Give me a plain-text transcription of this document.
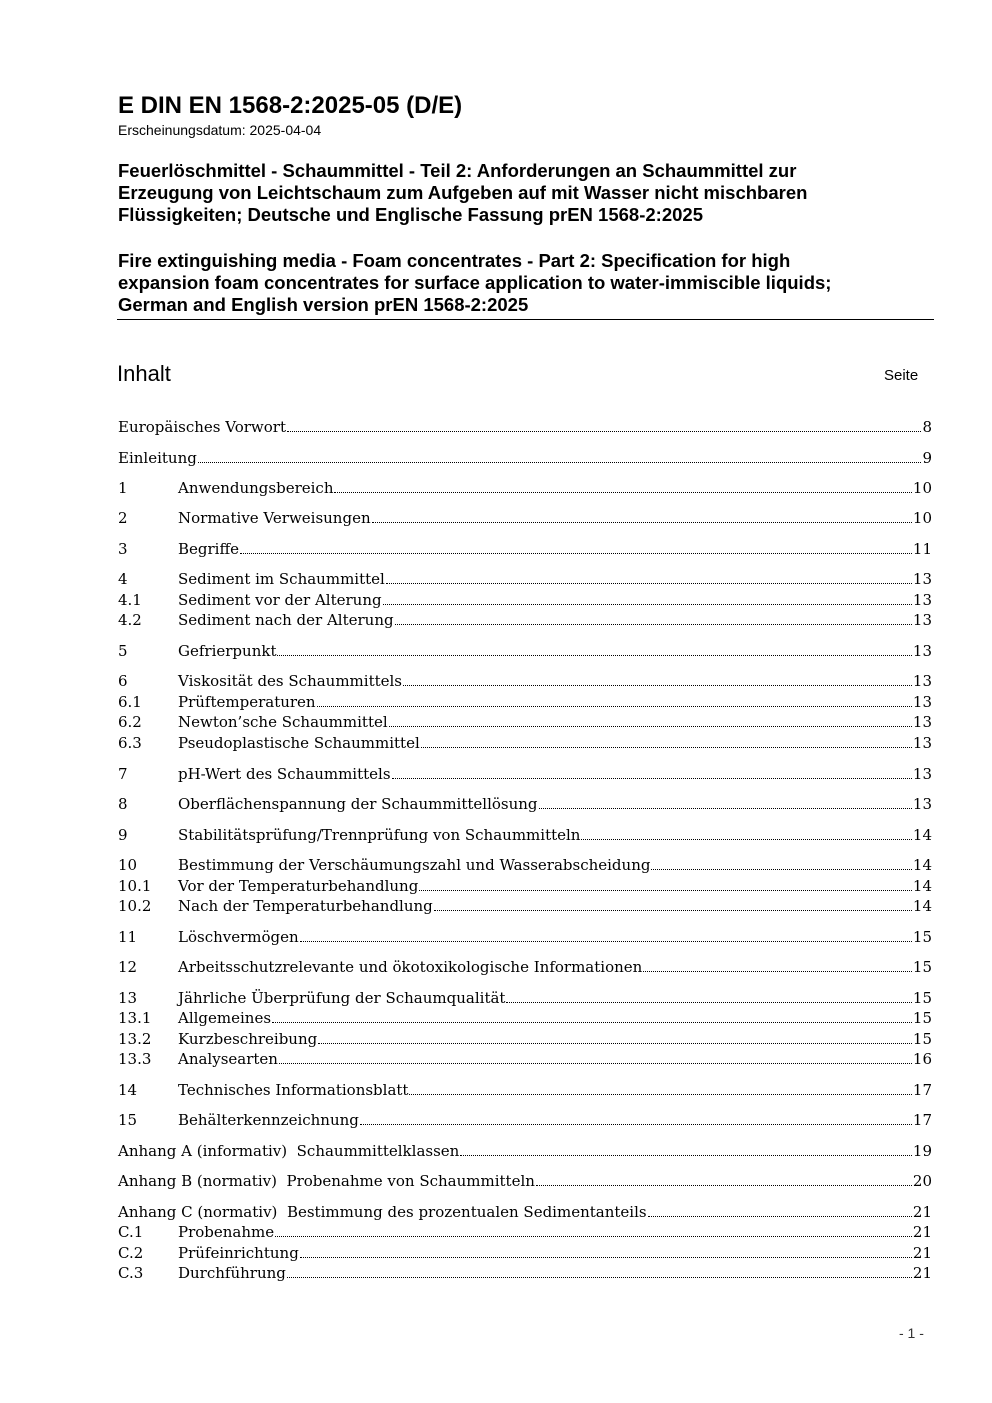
E DIN EN 1568-2:2025-05 (D/E)
Erscheinungsdatum: 2025-04-04

Feuerlöschmittel - Schaummittel - Teil 2: Anforderungen an Schaummittel zur

Erzeugung von Leichtschaum zum Aufgeben auf mit Wasser nicht mischbaren

Flüssigkeiten; Deutsche und Englische Fassung prEN 1568-2:2025

Fire extinguishing media - Foam concentrates - Part 2: Specification for high

expansion foam concentrates for surface application to water-immiscible liquids;

German and English version prEN 1568-2:2025

Inhalt	Seite
Europäisches Vorwort	8
Einleitung	9
1	Anwendungsbereich	10
2	Normative Verweisungen	10
3	Begriffe	11
4	Sediment im Schaummittel	13
4.1	Sediment vor der Alterung	13
4.2	Sediment nach der Alterung	13
5	Gefrierpunkt	13
6	Viskosität des Schaummittels	13
6.1	Prüftemperaturen	13
6.2	Newton’sche Schaummittel	13
6.3	Pseudoplastische Schaummittel	13
7	pH-Wert des Schaummittels	13
8	Oberflächenspannung der Schaummittellösung	13
9	Stabilitätsprüfung/Trennprüfung von Schaummitteln	14
10	Bestimmung der Verschäumungszahl und Wasserabscheidung	14
10.1	Vor der Temperaturbehandlung	14
10.2	Nach der Temperaturbehandlung	14
11	Löschvermögen	15
12	Arbeitsschutzrelevante und ökotoxikologische Informationen	15
13	Jährliche Überprüfung der Schaumqualität	15
13.1	Allgemeines	15
13.2	Kurzbeschreibung	15
13.3	Analysearten	16
14	Technisches Informationsblatt	17
15	Behälterkennzeichnung	17
Anhang A (informativ)  Schaummittelklassen	19
Anhang B (normativ)  Probenahme von Schaummitteln	20
Anhang C (normativ)  Bestimmung des prozentualen Sedimentanteils	21
C.1	Probenahme	21
C.2	Prüfeinrichtung	21
C.3	Durchführung	21
- 1 -
